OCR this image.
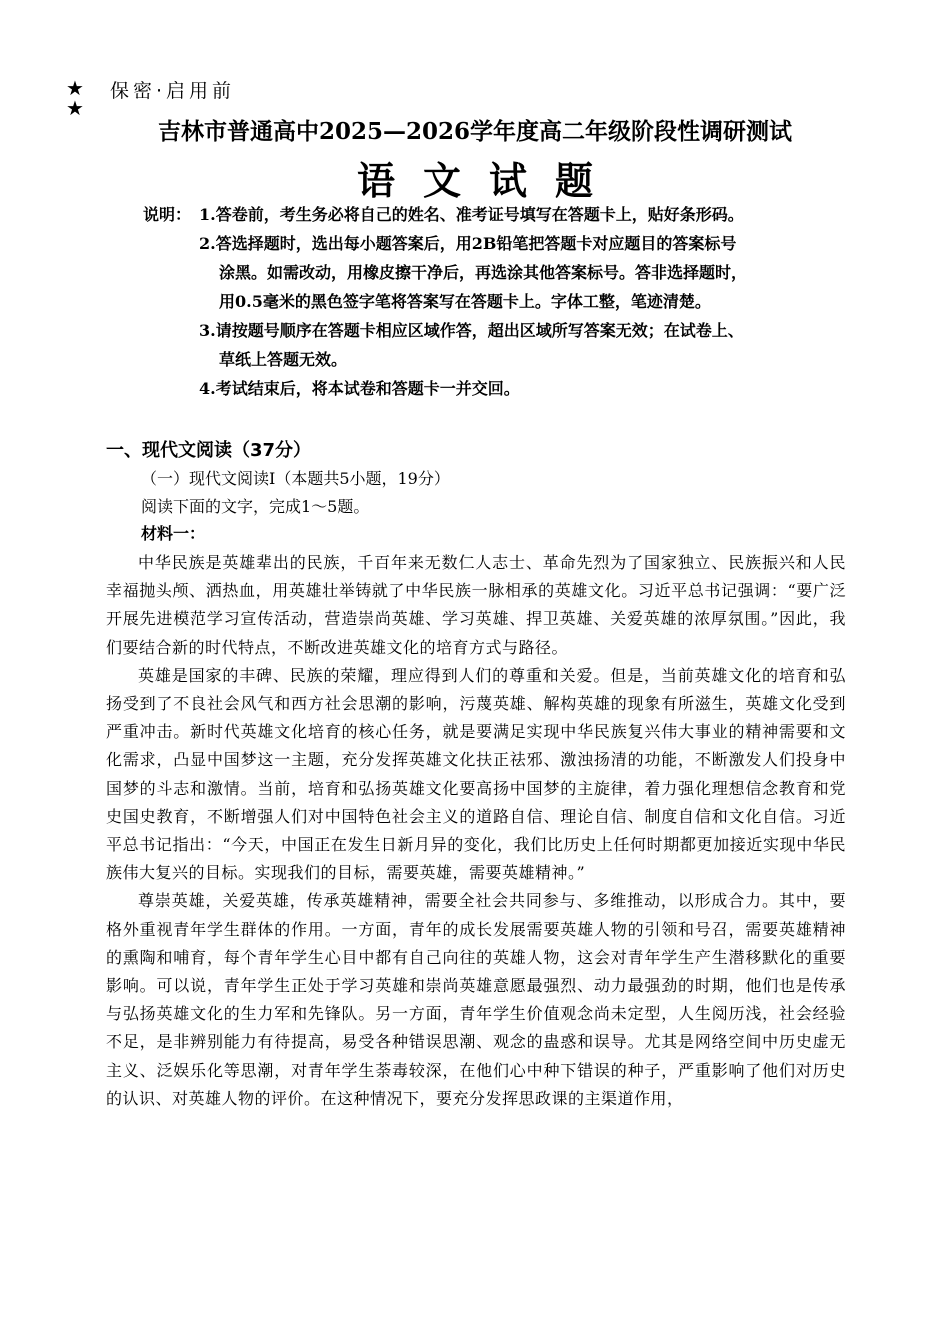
★
★
保密·启用前
吉林市普通高中2025—2026学年度高二年级阶段性调研测试
语文试题
说明： 1.答卷前，考生务必将自己的姓名、准考证号填写在答题卡上，贴好条形码。
2.答选择题时，选出每小题答案后，用2B铅笔把答题卡对应题目的答案标号
涂黑。如需改动，用橡皮擦干净后，再选涂其他答案标号。答非选择题时，
用0.5毫米的黑色签字笔将答案写在答题卡上。字体工整，笔迹清楚。
3.请按题号顺序在答题卡相应区域作答，超出区域所写答案无效；在试卷上、
草纸上答题无效。
4.考试结束后，将本试卷和答题卡一并交回。
一、现代文阅读（37分）
（一）现代文阅读Ⅰ（本题共5小题，19分）
阅读下面的文字，完成1～5题。
材料一：

中华民族是英雄辈出的民族，千百年来无数仁人志士、革命先烈为了国家独立、民族振兴和人民幸福抛头颅、洒热血，用英雄壮举铸就了中华民族一脉相承的英雄文化。习近平总书记强调：“要广泛开展先进模范学习宣传活动，营造崇尚英雄、学习英雄、捍卫英雄、关爱英雄的浓厚氛围。”因此，我们要结合新的时代特点，不断改进英雄文化的培育方式与路径。

英雄是国家的丰碑、民族的荣耀，理应得到人们的尊重和关爱。但是，当前英雄文化的培育和弘扬受到了不良社会风气和西方社会思潮的影响，污蔑英雄、解构英雄的现象有所滋生，英雄文化受到严重冲击。新时代英雄文化培育的核心任务，就是要满足实现中华民族复兴伟大事业的精神需要和文化需求，凸显中国梦这一主题，充分发挥英雄文化扶正祛邪、激浊扬清的功能，不断激发人们投身中国梦的斗志和激情。当前，培育和弘扬英雄文化要高扬中国梦的主旋律，着力强化理想信念教育和党史国史教育，不断增强人们对中国特色社会主义的道路自信、理论自信、制度自信和文化自信。习近平总书记指出：“今天，中国正在发生日新月异的变化，我们比历史上任何时期都更加接近实现中华民族伟大复兴的目标。实现我们的目标，需要英雄，需要英雄精神。”

尊崇英雄，关爱英雄，传承英雄精神，需要全社会共同参与、多维推动，以形成合力。其中，要格外重视青年学生群体的作用。一方面，青年的成长发展需要英雄人物的引领和号召，需要英雄精神的熏陶和哺育，每个青年学生心目中都有自己向往的英雄人物，这会对青年学生产生潜移默化的重要影响。可以说，青年学生正处于学习英雄和崇尚英雄意愿最强烈、动力最强劲的时期，他们也是传承与弘扬英雄文化的生力军和先锋队。另一方面，青年学生价值观念尚未定型，人生阅历浅，社会经验不足，是非辨别能力有待提高，易受各种错误思潮、观念的蛊惑和误导。尤其是网络空间中历史虚无主义、泛娱乐化等思潮，对青年学生荼毒较深，在他们心中种下错误的种子，严重影响了他们对历史的认识、对英雄人物的评价。在这种情况下，要充分发挥思政课的主渠道作用，
